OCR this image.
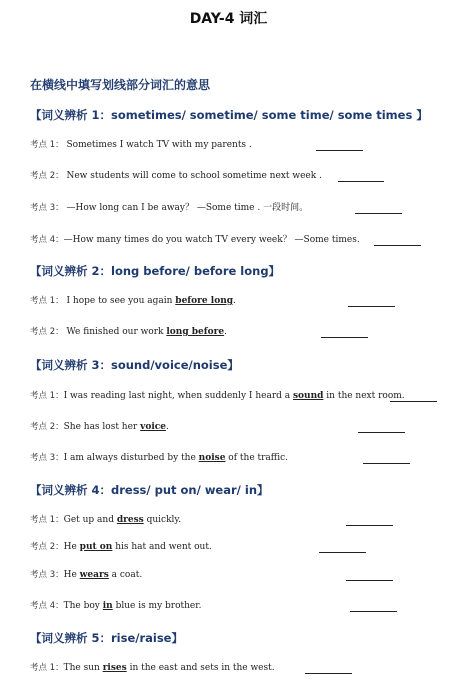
DAY-4 词汇
在横线中填写划线部分词汇的意思
【词义辨析 1：sometimes/ sometime/ some time/ some times 】
考点 1： Sometimes I watch TV with my parents .
考点 2： New students will come to school sometime next week .
考点 3： —How long can I be away？ —Some time . 一段时间。
考点 4：—How many times do you watch TV every week？ —Some times.
【词义辨析 2：long before/ before long】
考点 1： I hope to see you again before long.
考点 2： We finished our work long before.
【词义辨析 3：sound/voice/noise】
考点 1：I was reading last night, when suddenly I heard a sound in the next room.
考点 2：She has lost her voice.
考点 3：I am always disturbed by the noise of the traffic.
【词义辨析 4：dress/ put on/ wear/ in】
考点 1：Get up and dress quickly.
考点 2：He put on his hat and went out.
考点 3：He wears a coat.
考点 4：The boy in blue is my brother.
【词义辨析 5：rise/raise】
考点 1：The sun rises in the east and sets in the west.
